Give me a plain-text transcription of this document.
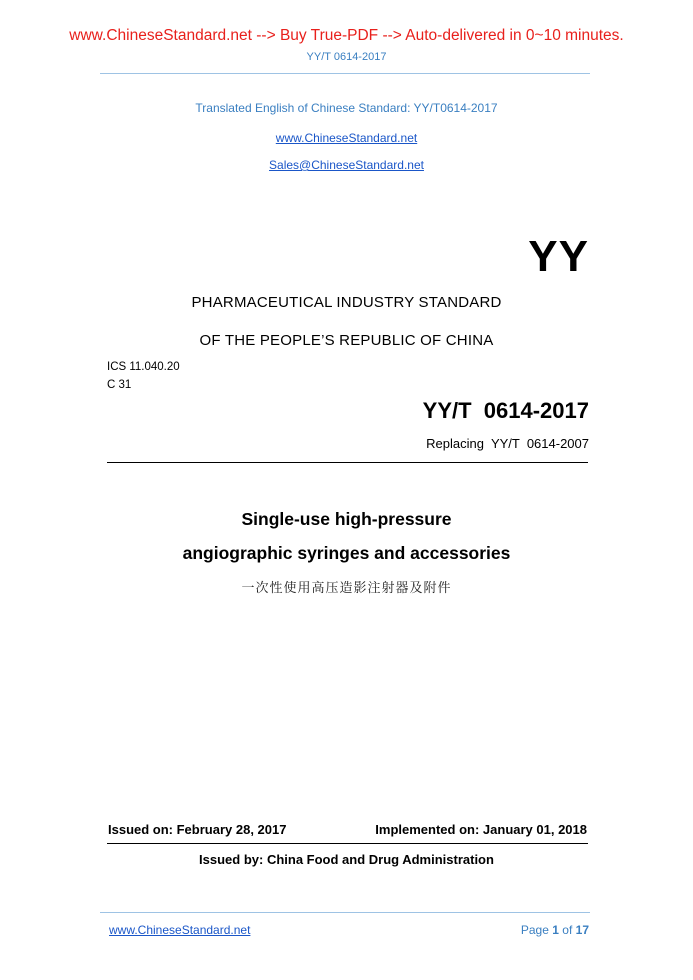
www.ChineseStandard.net --> Buy True-PDF --> Auto-delivered in 0~10 minutes.
YY/T 0614-2017
Translated English of Chinese Standard: YY/T0614-2017
www.ChineseStandard.net
Sales@ChineseStandard.net
YY
PHARMACEUTICAL INDUSTRY STANDARD
OF THE PEOPLE’S REPUBLIC OF CHINA
ICS 11.040.20
C 31
YY/T  0614-2017
Replacing  YY/T  0614-2007
Single-use high-pressure
angiographic syringes and accessories
一次性使用高压造影注射器及附件
Issued on: February 28, 2017	Implemented on: January 01, 2018
Issued by: China Food and Drug Administration
www.ChineseStandard.net	Page 1 of 17
